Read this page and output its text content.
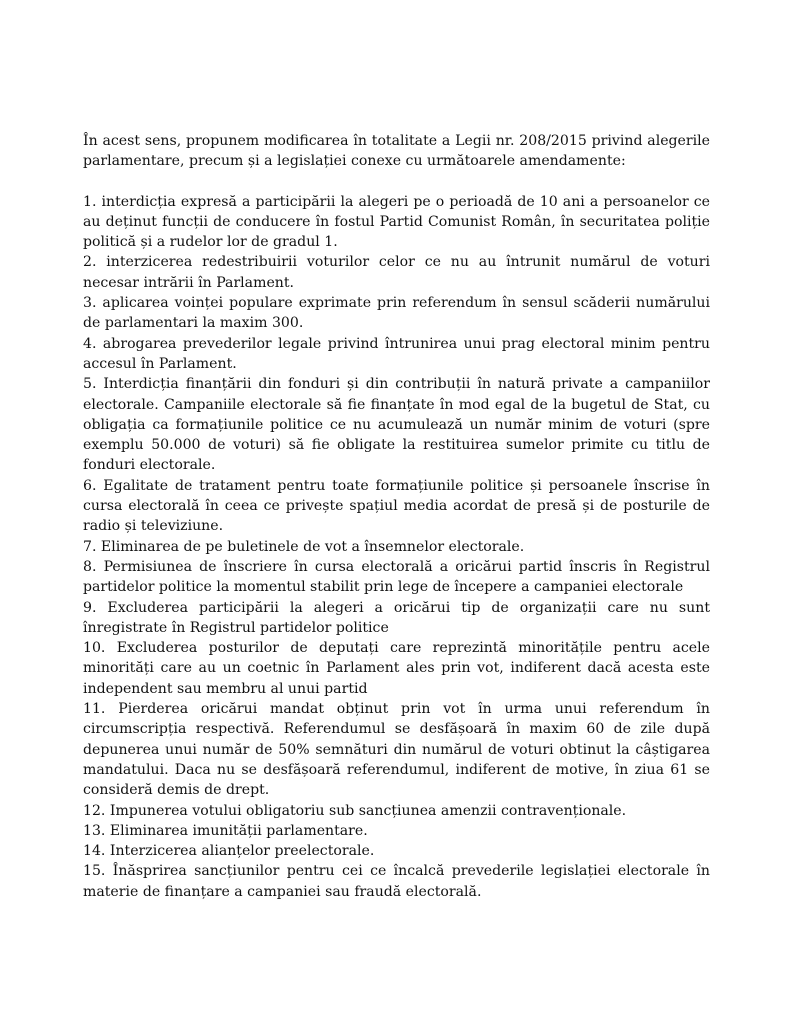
În acest sens, propunem modificarea în totalitate a Legii nr. 208/2015 privind alegerile parlamentare, precum și a legislației conexe cu următoarele amendamente:

1. interdicția expresă a participării la alegeri pe o perioadă de 10 ani a persoanelor ce au deținut funcții de conducere în fostul Partid Comunist Român, în securitatea poliție politică și a rudelor lor de gradul 1.
2. interzicerea redestribuirii voturilor celor ce nu au întrunit numărul de voturi necesar intrării în Parlament.
3. aplicarea voinței populare exprimate prin referendum în sensul scăderii numărului de parlamentari la maxim 300.
4. abrogarea prevederilor legale privind întrunirea unui prag electoral minim pentru accesul în Parlament.
5. Interdicția finanțării din fonduri și din contribuții în natură private a campaniilor electorale. Campaniile electorale să fie finanțate în mod egal de la bugetul de Stat, cu obligația ca formațiunile politice ce nu acumulează un număr minim de voturi (spre exemplu 50.000 de voturi) să fie obligate la restituirea sumelor primite cu titlu de fonduri electorale.
6. Egalitate de tratament pentru toate formațiunile politice și persoanele înscrise în cursa electorală în ceea ce privește spațiul media acordat de presă și de posturile de radio și televiziune.
7. Eliminarea de pe buletinele de vot a însemnelor electorale.
8. Permisiunea de înscriere în cursa electorală a oricărui partid înscris în Registrul partidelor politice la momentul stabilit prin lege de începere a campaniei electorale
9. Excluderea participării la alegeri a oricărui tip de organizații care nu sunt înregistrate în Registrul partidelor politice
10. Excluderea posturilor de deputați care reprezintă minoritățile pentru acele minorități care au un coetnic în Parlament ales prin vot, indiferent dacă acesta este independent sau membru al unui partid
11. Pierderea oricărui mandat obținut prin vot în urma unui referendum în circumscripția respectivă. Referendumul se desfășoară în maxim 60 de zile după depunerea unui număr de 50% semnături din numărul de voturi obtinut la câștigarea mandatului. Daca nu se desfășoară referendumul, indiferent de motive, în ziua 61 se consideră demis de drept.
12. Impunerea votului obligatoriu sub sancțiunea amenzii contravenționale.
13. Eliminarea imunității parlamentare.
14. Interzicerea alianțelor preelectorale.
15. Înăsprirea sancțiunilor pentru cei ce încalcă prevederile legislației electorale în materie de finanțare a campaniei sau fraudă electorală.
